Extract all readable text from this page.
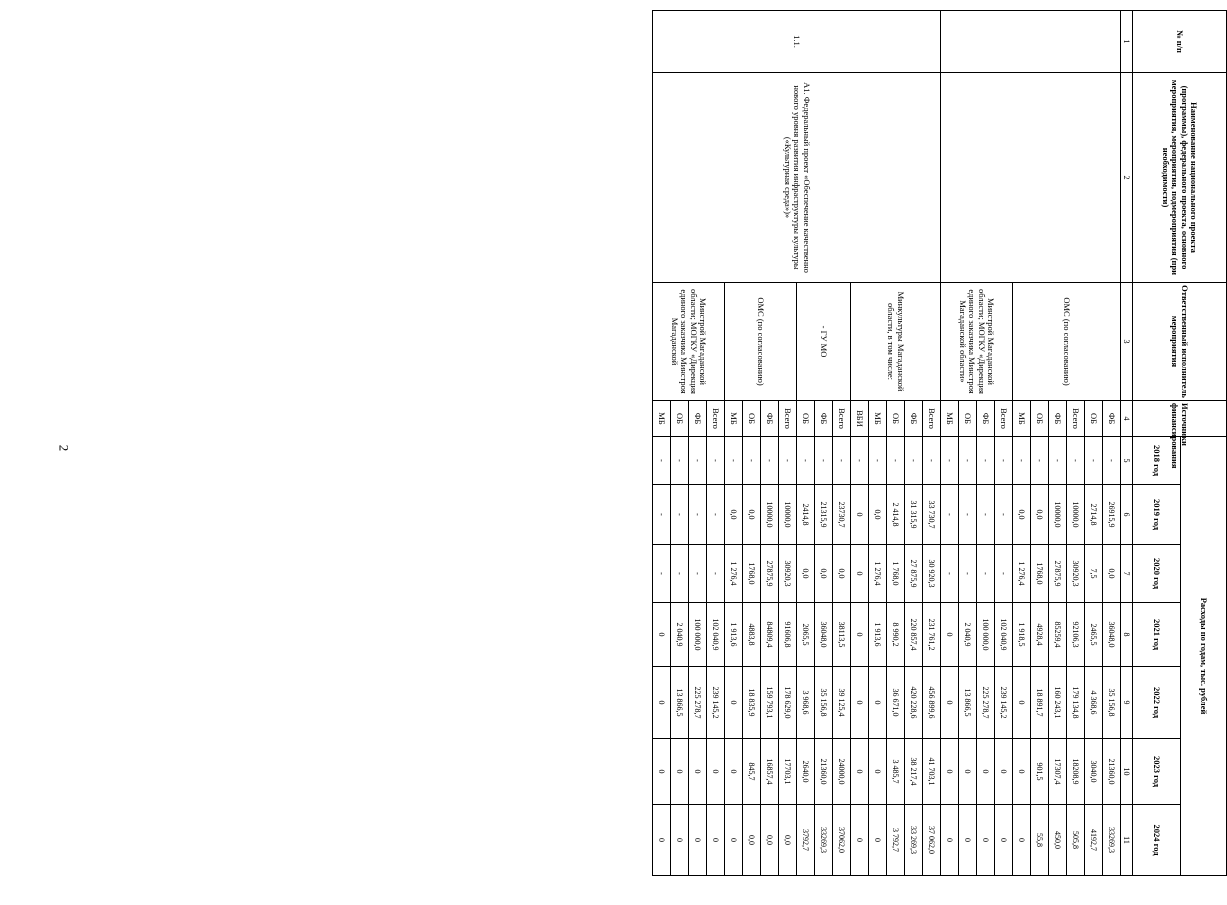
2
№ п/п	Наименование национального проекта (программы), федерального проекта, основного мероприятия, мероприятия, подмероприятия (при необходимости)	Ответственный исполнитель мероприятия	Источники финансирования	Расходы по годам, тыс. рублей						
				2018 год	2019 год	2020 год	2021 год	2022 год	2023 год	2024 год
1	2	3	4	5	6	7	8	9	10	11
		ОМС (по согласованию)	ФБ	-	26915,9	0,0	36048,0	35 156,8	21360,0	33269,3
			ОБ	-	2714,8	7,5	2465,5	4 368,6	3040,0	4192,7
			Всего	-	10000,0	30920,3	92106,3	179 134,8	18208,9	505,8
			ФБ	-	10000,0	27875,9	85259,4	160 243,1	17307,4	450,0
			ОБ	-	0,0	1768,0	4928,4	18 891,7	901,5	55,8
			МБ	-	0,0	1 276,4	1 918,5	0	0	0
		Минстрой Магаданской области; МОГКУ «Дирекция единого заказчика Минстроя Магаданской области»	Всего	-	-	-	102 040,9	239 145,2	0	0
			ФБ	-	-	-	100 000,0	225 278,7	0	0
			ОБ	-	-	-	2 040,9	13 866,5	0	0
			МБ	-	-	-	0	0	0	0
1.1.	А1. Федеральный проект «Обеспечение качественно нового уровня развития инфраструктуры культуры («Культурная среда»)»	Минкультуры Магаданской области, в том числе:	Всего	-	33 730,7	30 920,3	231 761,2	456 899,6	41 703,1	37 062,0
			ФБ	-	31 315,9	27 875,9	220 857,4	420 228,6	38 217,4	33 269,3
			ОБ	-	2 414,8	1 768,0	8 990,2	36 671,0	3 485,7	3 792,7
			МБ	-	0,0	1 276,4	1 913,6	0	0	0
			ВБИ	-	0	0	0	0	0	0
		- ГУ МО	Всего	-	23730,7	0,0	38113,5	39 125,4	24000,0	37062,0
			ФБ	-	21315,9	0,0	36048,0	35 156,8	21360,0	33269,3
			ОБ	-	2414,8	0,0	2065,5	3 968,6	2640,0	3792,7
		ОМС (по согласованию)	Всего	-	10000,0	30920,3	91606,8	178 629,0	17703,1	0,0
			ФБ	-	10000,0	27875,9	84809,4	159 793,1	16857,4	0,0
			ОБ	-	0,0	1768,0	4883,8	18 835,9	845,7	0,0
			МБ	-	0,0	1 276,4	1 913,6	0	0	0
		Минстрой Магаданской области; МОГКУ «Дирекция единого заказчика Минстроя Магаданской	Всего	-	-	-	102 040,9	239 145,2	0	0
			ФБ	-	-	-	100 000,0	225 278,7	0	0
			ОБ	-	-	-	2 040,9	13 866,5	0	0
			МБ	-	-	-	0	0	0	0
